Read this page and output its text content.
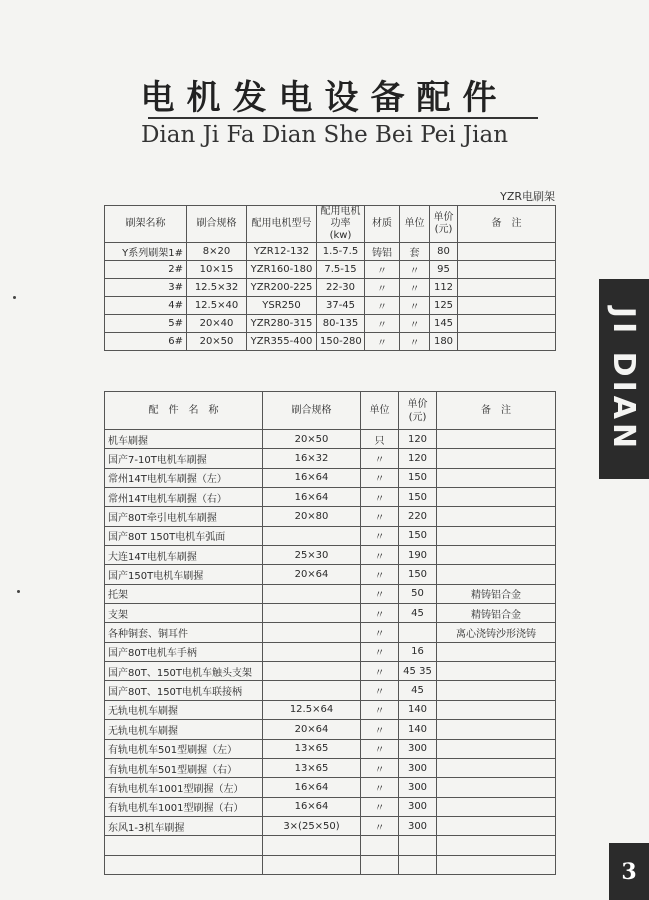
电机发电设备配件
Dian Ji Fa Dian She Bei Pei Jian
YZR电刷架
刷架名称	刷合规格	配用电机型号	配用电机功率(kw)	材质	单位	单价(元)	备　注
Y系列刷架1#	8×20	YZR12-132	1.5-7.5	铸铝	套	80	
2#	10×15	YZR160-180	7.5-15	〃	〃	95	
3#	12.5×32	YZR200-225	22-30	〃	〃	112	
4#	12.5×40	YSR250	37-45	〃	〃	125	
5#	20×40	YZR280-315	80-135	〃	〃	145	
6#	20×50	YZR355-400	150-280	〃	〃	180	
配　件　名　称	刷合规格	单位	单价(元)	备　注
机车刷握	20×50	只	120	
国产7-10T电机车刷握	16×32	〃	120	
常州14T电机车刷握（左）	16×64	〃	150	
常州14T电机车刷握（右）	16×64	〃	150	
国产80T牵引电机车刷握	20×80	〃	220	
国产80T 150T电机车弧面		〃	150	
大连14T电机车刷握	25×30	〃	190	
国产150T电机车刷握	20×64	〃	150	
托架		〃	50	精铸铝合金
支架		〃	45	精铸铝合金
各种铜套、铜耳件		〃		离心浇铸沙形浇铸
国产80T电机车手柄		〃	16	
国产80T、150T电机车触头支架		〃	45 35	
国产80T、150T电机车联接柄		〃	45	
无轨电机车刷握	12.5×64	〃	140	
无轨电机车刷握	20×64	〃	140	
有轨电机车501型刷握（左）	13×65	〃	300	
有轨电机车501型刷握（右）	13×65	〃	300	
有轨电机车1001型刷握（左）	16×64	〃	300	
有轨电机车1001型刷握（右）	16×64	〃	300	
东风1-3机车刷握	3×(25×50)	〃	300	

JI DIAN
3
